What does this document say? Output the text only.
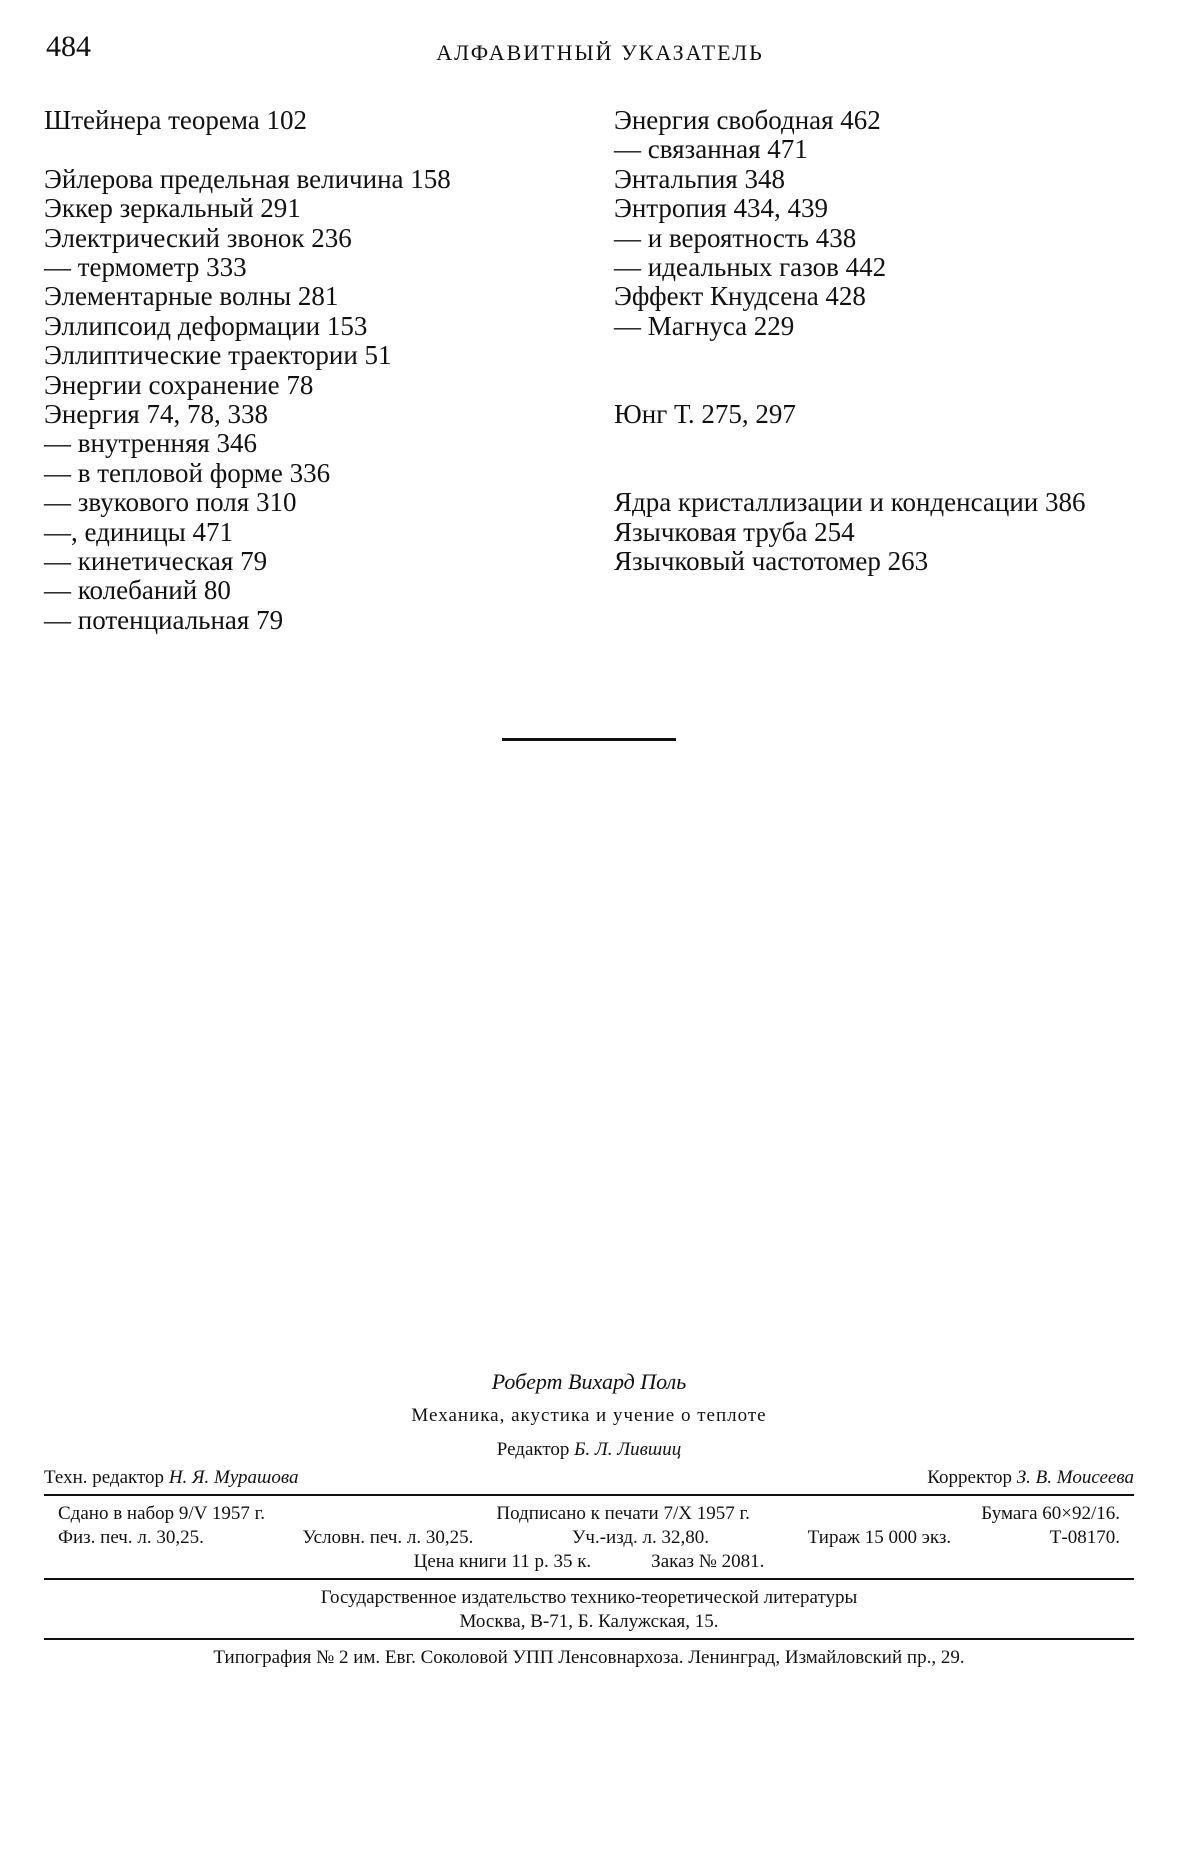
484	АЛФАВИТНЫЙ УКАЗАТЕЛЬ
Штейнера теорема 102
Эйлерова предельная величина 158
Эккер зеркальный 291
Электрический звонок 236
— термометр 333
Элементарные волны 281
Эллипсоид деформации 153
Эллиптические траектории 51
Энергии сохранение 78
Энергия 74, 78, 338
— внутренняя 346
— в тепловой форме 336
— звукового поля 310
—, единицы 471
— кинетическая 79
— колебаний 80
— потенциальная 79
Энергия свободная 462
— связанная 471
Энтальпия 348
Энтропия 434, 439
— и вероятность 438
— идеальных газов 442
Эффект Кнудсена 428
— Магнуса 229
Юнг Т. 275, 297
Ядра кристаллизации и конденсации 386
Язычковая труба 254
Язычковый частотомер 263
Роберт Вихард Поль
Механика, акустика и учение о теплоте
Редактор Б. Л. Лившиц
Техн. редактор Н. Я. Мурашова	Корректор З. В. Моисеева
Сдано в набор 9/V 1957 г.	Подписано к печати 7/X 1957 г.	Бумага 60×92/16.
Физ. печ. л. 30,25.	Условн. печ. л. 30,25.	Уч.-изд. л. 32,80.	Тираж 15 000 экз.	Т-08170.
Цена книги 11 р. 35 к.	Заказ № 2081.
Государственное издательство технико-теоретической литературы
Москва, В-71, Б. Калужская, 15.
Типография № 2 им. Евг. Соколовой УПП Ленсовнархоза. Ленинград, Измайловский пр., 29.
